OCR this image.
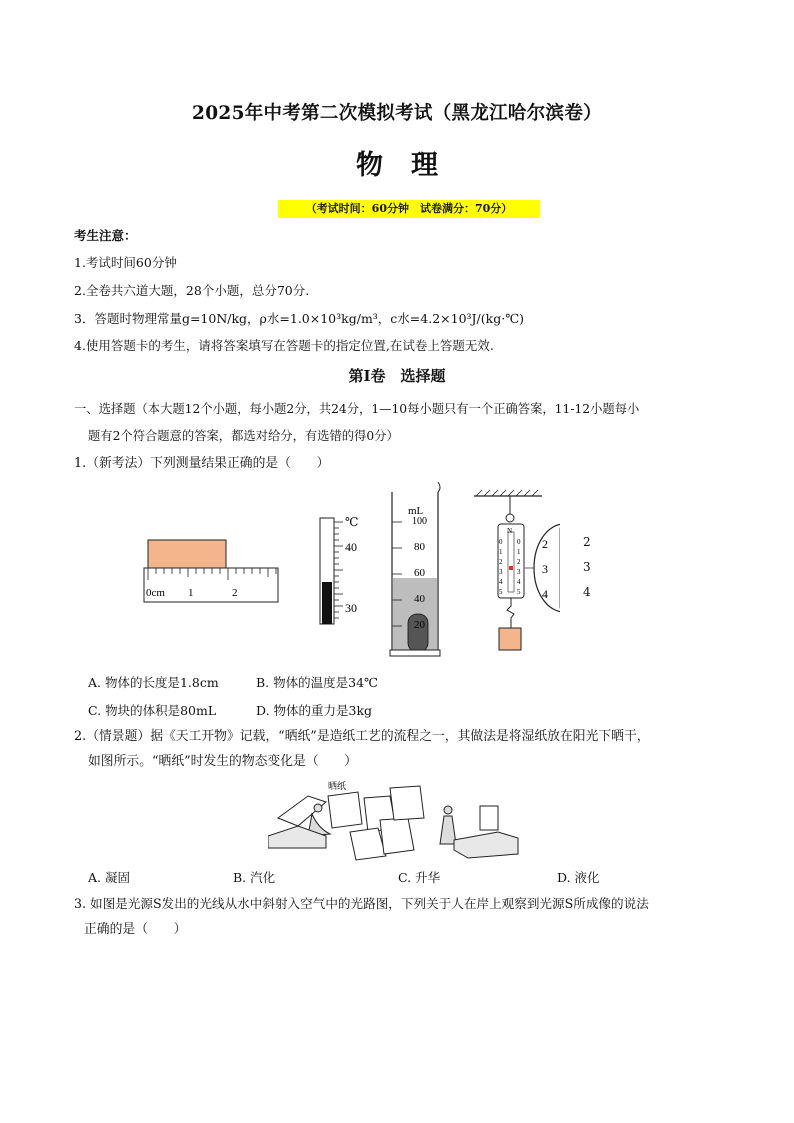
2025年中考第二次模拟考试（黑龙江哈尔滨卷）
物理
（考试时间：60分钟　试卷满分：70分）
考生注意：
1.考试时间60分钟
2.全卷共六道大题，28个小题，总分70分.
3．答题时物理常量g=10N/kg，ρ水=1.0×10³kg/m³，c水=4.2×10³J/(kg·℃)
4.使用答题卡的考生，请将答案填写在答题卡的指定位置,在试卷上答题无效.
第Ⅰ卷　选择题
一、选择题（本大题12个小题，每小题2分，共24分，1—10每小题只有一个正确答案，11-12小题每小
题有2个符合题意的答案，都选对给分，有选错的得0分）
1.（新考法）下列测量结果正确的是（　　）
0cm 1	2
℃
40
30
mL
100
80
60
40
20
N
0
1
2
3
4
5
0
1
2
3
4
5
2
3
4
2
3
4
A. 物体的长度是1.8cm	B. 物体的温度是34℃
C. 物块的体积是80mL	D. 物体的重力是3kg
2.（情景题）据《天工开物》记载，“晒纸”是造纸工艺的流程之一，其做法是将湿纸放在阳光下晒干，
如图所示。“晒纸”时发生的物态变化是（　　）
晒纸
A. 凝固	B. 汽化	C. 升华	D. 液化
3. 如图是光源S发出的光线从水中斜射入空气中的光路图，下列关于人在岸上观察到光源S所成像的说法
正确的是（　　）
